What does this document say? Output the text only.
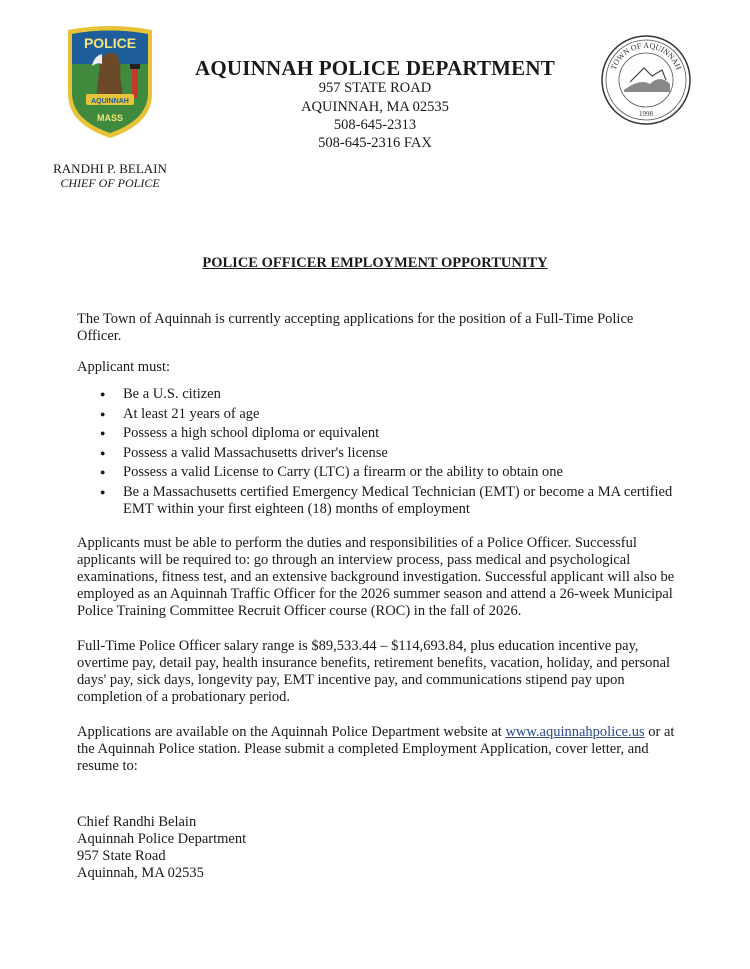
POLICE
AQUINNAH
MASS
TOWN OF AQUINNAH
1998
AQUINNAH POLICE DEPARTMENT
957 STATE ROAD
AQUINNAH, MA 02535
508-645-2313
508-645-2316 FAX
RANDHI P. BELAIN
CHIEF OF POLICE
POLICE OFFICER EMPLOYMENT OPPORTUNITY
The Town of Aquinnah is currently accepting applications for the position of a Full-Time Police Officer.
Applicant must:
● Be a U.S. citizen
● At least 21 years of age
● Possess a high school diploma or equivalent
● Possess a valid Massachusetts driver's license
● Possess a valid License to Carry (LTC) a firearm or the ability to obtain one
● Be a Massachusetts certified Emergency Medical Technician (EMT) or become a MA certified EMT within your first eighteen (18) months of employment
Applicants must be able to perform the duties and responsibilities of a Police Officer. Successful applicants will be required to: go through an interview process, pass medical and psychological examinations, fitness test, and an extensive background investigation. Successful applicant will also be employed as an Aquinnah Traffic Officer for the 2026 summer season and attend a 26-week Municipal Police Training Committee Recruit Officer course (ROC) in the fall of 2026.
Full-Time Police Officer salary range is $89,533.44 – $114,693.84, plus education incentive pay, overtime pay, detail pay, health insurance benefits, retirement benefits, vacation, holiday, and personal days' pay, sick days, longevity pay, EMT incentive pay, and communications stipend pay upon completion of a probationary period.
Applications are available on the Aquinnah Police Department website at www.aquinnahpolice.us or at the Aquinnah Police station. Please submit a completed Employment Application, cover letter, and resume to:
Chief Randhi Belain
Aquinnah Police Department
957 State Road
Aquinnah, MA 02535
